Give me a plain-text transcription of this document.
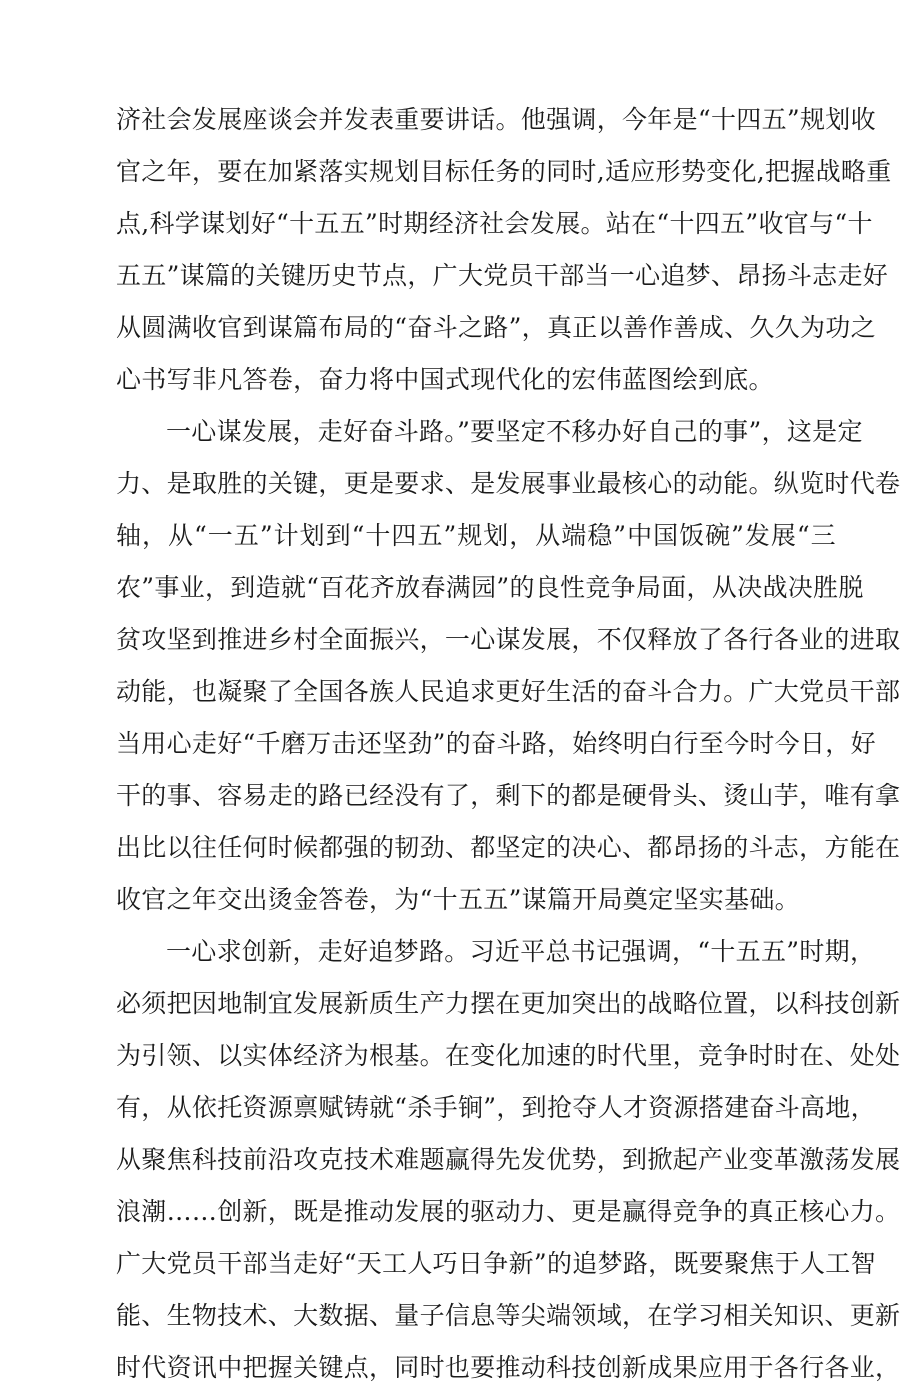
济社会发展座谈会并发表重要讲话。他强调，今年是“十四五”规划收
官之年，要在加紧落实规划目标任务的同时,适应形势变化,把握战略重
点,科学谋划好“十五五”时期经济社会发展。站在“十四五”收官与“十
五五”谋篇的关键历史节点，广大党员干部当一心追梦、昂扬斗志走好
从圆满收官到谋篇布局的“奋斗之路”，真正以善作善成、久久为功之
心书写非凡答卷，奋力将中国式现代化的宏伟蓝图绘到底。
一心谋发展，走好奋斗路。”要坚定不移办好自己的事”，这是定
力、是取胜的关键，更是要求、是发展事业最核心的动能。纵览时代卷
轴，从“一五”计划到“十四五”规划，从端稳”中国饭碗”发展“三
农”事业，到造就“百花齐放春满园”的良性竞争局面，从决战决胜脱
贫攻坚到推进乡村全面振兴，一心谋发展，不仅释放了各行各业的进取
动能，也凝聚了全国各族人民追求更好生活的奋斗合力。广大党员干部
当用心走好“千磨万击还坚劲”的奋斗路，始终明白行至今时今日，好
干的事、容易走的路已经没有了，剩下的都是硬骨头、烫山芋，唯有拿
出比以往任何时候都强的韧劲、都坚定的决心、都昂扬的斗志，方能在
收官之年交出烫金答卷，为“十五五”谋篇开局奠定坚实基础。
一心求创新，走好追梦路。习近平总书记强调，“十五五”时期，
必须把因地制宜发展新质生产力摆在更加突出的战略位置，以科技创新
为引领、以实体经济为根基。在变化加速的时代里，竞争时时在、处处
有，从依托资源禀赋铸就“杀手锏”，到抢夺人才资源搭建奋斗高地，
从聚焦科技前沿攻克技术难题赢得先发优势，到掀起产业变革激荡发展
浪潮……创新，既是推动发展的驱动力、更是赢得竞争的真正核心力。
广大党员干部当走好“天工人巧日争新”的追梦路，既要聚焦于人工智
能、生物技术、大数据、量子信息等尖端领域，在学习相关知识、更新
时代资讯中把握关键点，同时也要推动科技创新成果应用于各行各业，
